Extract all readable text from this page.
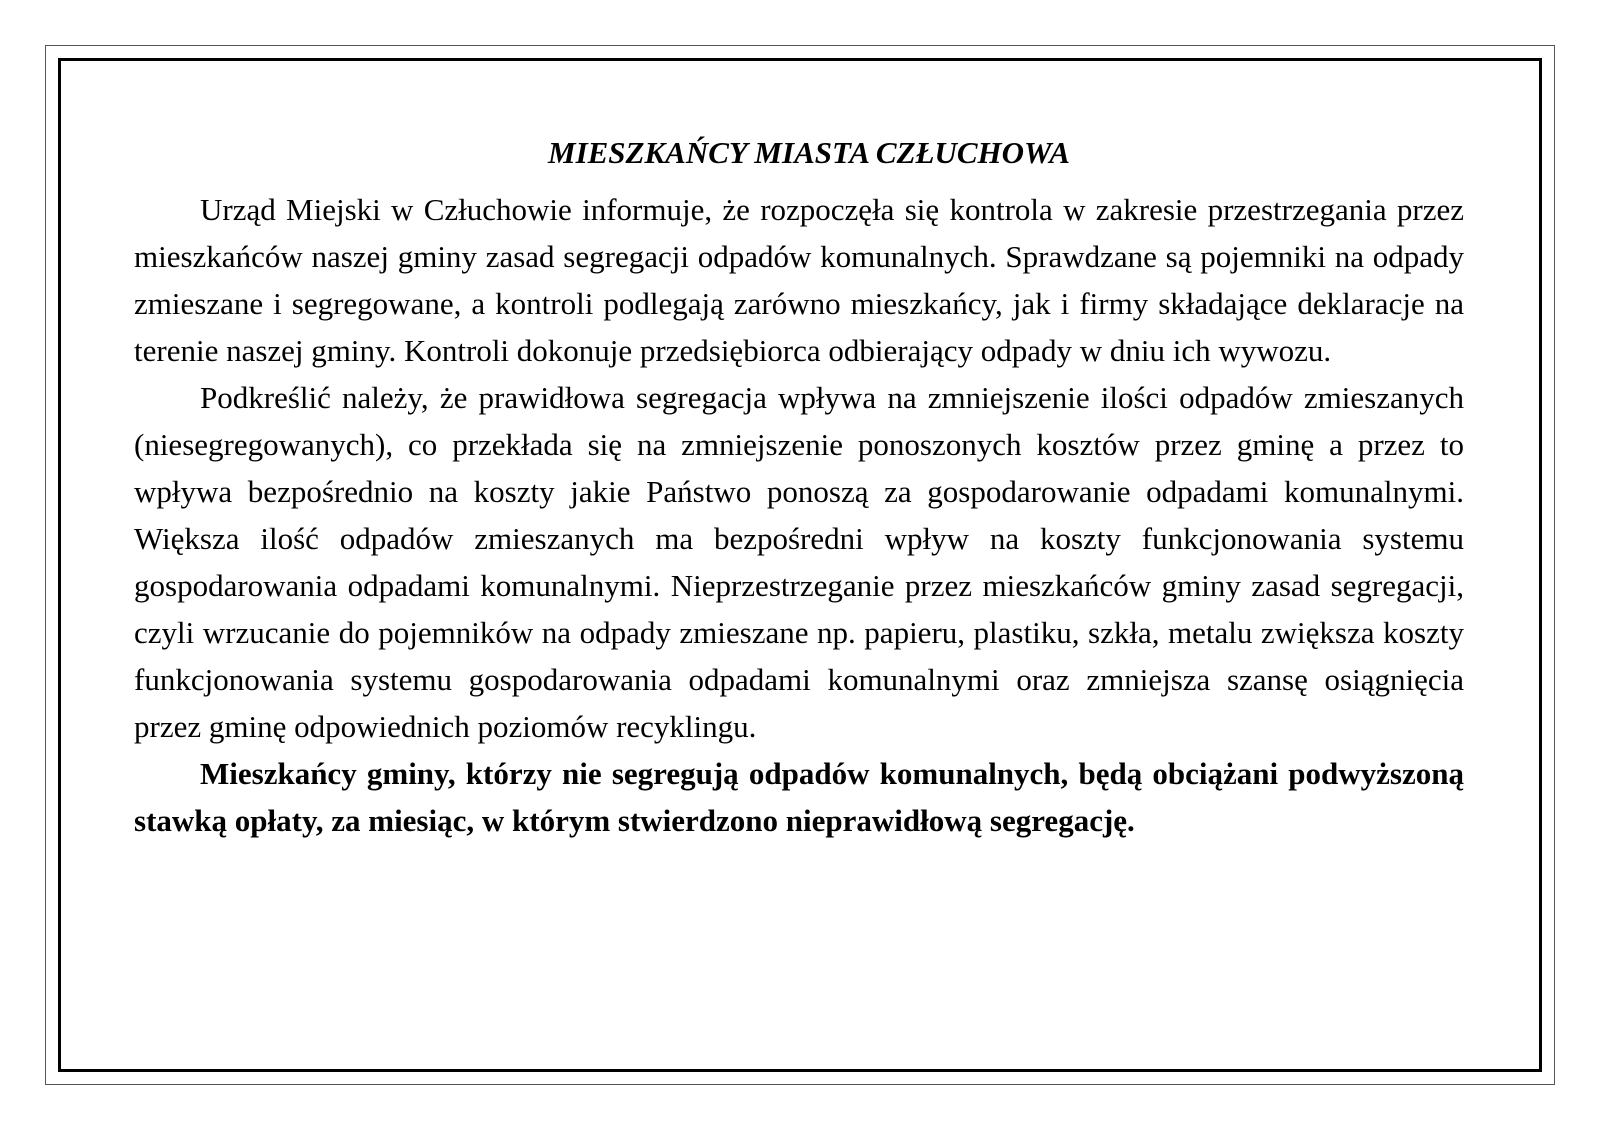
MIESZKAŃCY MIASTA CZŁUCHOWA

Urząd Miejski w Człuchowie informuje, że rozpoczęła się kontrola w zakresie przestrzegania przez mieszkańców naszej gminy zasad segregacji odpadów komunalnych. Sprawdzane są pojemniki na odpady zmieszane i segregowane, a kontroli podlegają zarówno mieszkańcy, jak i firmy składające deklaracje na terenie naszej gminy. Kontroli dokonuje przedsiębiorca odbierający odpady w dniu ich wywozu.

Podkreślić należy, że prawidłowa segregacja wpływa na zmniejszenie ilości odpadów zmieszanych (niesegregowanych), co przekłada się na zmniejszenie ponoszonych kosztów przez gminę a przez to wpływa bezpośrednio na koszty jakie Państwo ponoszą za gospodarowanie odpadami komunalnymi. Większa ilość odpadów zmieszanych ma bezpośredni wpływ na koszty funkcjonowania systemu gospodarowania odpadami komunalnymi. Nieprzestrzeganie przez mieszkańców gminy zasad segregacji, czyli wrzucanie do pojemników na odpady zmieszane np. papieru, plastiku, szkła, metalu zwiększa koszty funkcjonowania systemu gospodarowania odpadami komunalnymi oraz zmniejsza szansę osiągnięcia przez gminę odpowiednich poziomów recyklingu.

Mieszkańcy gminy, którzy nie segregują odpadów komunalnych, będą obciążani podwyższoną stawką opłaty, za miesiąc, w którym stwierdzono nieprawidłową segregację.
